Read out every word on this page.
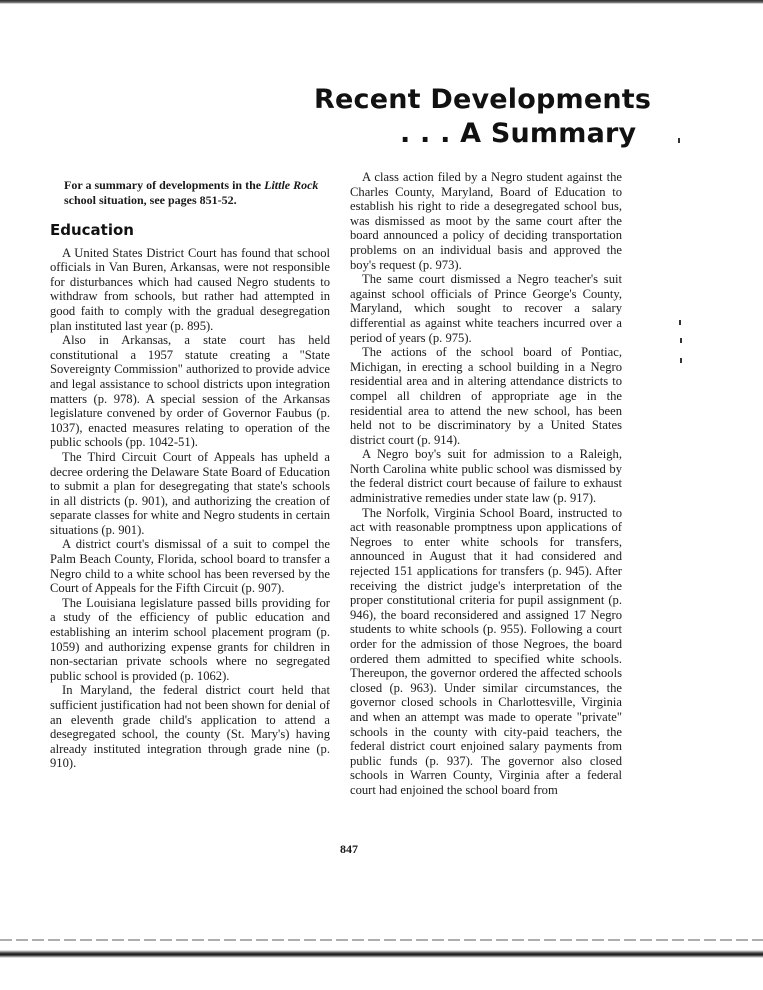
Recent Developments
. . . A Summary
For a summary of developments in the Little Rock school situation, see pages 851-52.
Education

A United States District Court has found that school officials in Van Buren, Arkansas, were not responsible for disturbances which had caused Negro students to withdraw from schools, but rather had attempted in good faith to comply with the gradual desegregation plan instituted last year (p. 895).

Also in Arkansas, a state court has held constitutional a 1957 statute creating a "State Sovereignty Commission" authorized to provide advice and legal assistance to school districts upon integration matters (p. 978). A special session of the Arkansas legislature convened by order of Governor Faubus (p. 1037), enacted measures relating to operation of the public schools (pp. 1042-51).

The Third Circuit Court of Appeals has upheld a decree ordering the Delaware State Board of Education to submit a plan for desegregating that state's schools in all districts (p. 901), and authorizing the creation of separate classes for white and Negro students in certain situations (p. 901).

A district court's dismissal of a suit to compel the Palm Beach County, Florida, school board to transfer a Negro child to a white school has been reversed by the Court of Appeals for the Fifth Circuit (p. 907).

The Louisiana legislature passed bills providing for a study of the efficiency of public education and establishing an interim school placement program (p. 1059) and authorizing expense grants for children in non-sectarian private schools where no segregated public school is provided (p. 1062).

In Maryland, the federal district court held that sufficient justification had not been shown for denial of an eleventh grade child's application to attend a desegregated school, the county (St. Mary's) having already instituted integration through grade nine (p. 910).

A class action filed by a Negro student against the Charles County, Maryland, Board of Education to establish his right to ride a desegregated school bus, was dismissed as moot by the same court after the board announced a policy of deciding transportation problems on an individual basis and approved the boy's request (p. 973).

The same court dismissed a Negro teacher's suit against school officials of Prince George's County, Maryland, which sought to recover a salary differential as against white teachers incurred over a period of years (p. 975).

The actions of the school board of Pontiac, Michigan, in erecting a school building in a Negro residential area and in altering attendance districts to compel all children of appropriate age in the residential area to attend the new school, has been held not to be discriminatory by a United States district court (p. 914).

A Negro boy's suit for admission to a Raleigh, North Carolina white public school was dismissed by the federal district court because of failure to exhaust administrative remedies under state law (p. 917).

The Norfolk, Virginia School Board, instructed to act with reasonable promptness upon applications of Negroes to enter white schools for transfers, announced in August that it had considered and rejected 151 applications for transfers (p. 945). After receiving the district judge's interpretation of the proper constitutional criteria for pupil assignment (p. 946), the board reconsidered and assigned 17 Negro students to white schools (p. 955). Following a court order for the admission of those Negroes, the board ordered them admitted to specified white schools. Thereupon, the governor ordered the affected schools closed (p. 963). Under similar circumstances, the governor closed schools in Charlottesville, Virginia and when an attempt was made to operate "private" schools in the county with city-paid teachers, the federal district court enjoined salary payments from public funds (p. 937). The governor also closed schools in Warren County, Virginia after a federal court had enjoined the school board from

847
